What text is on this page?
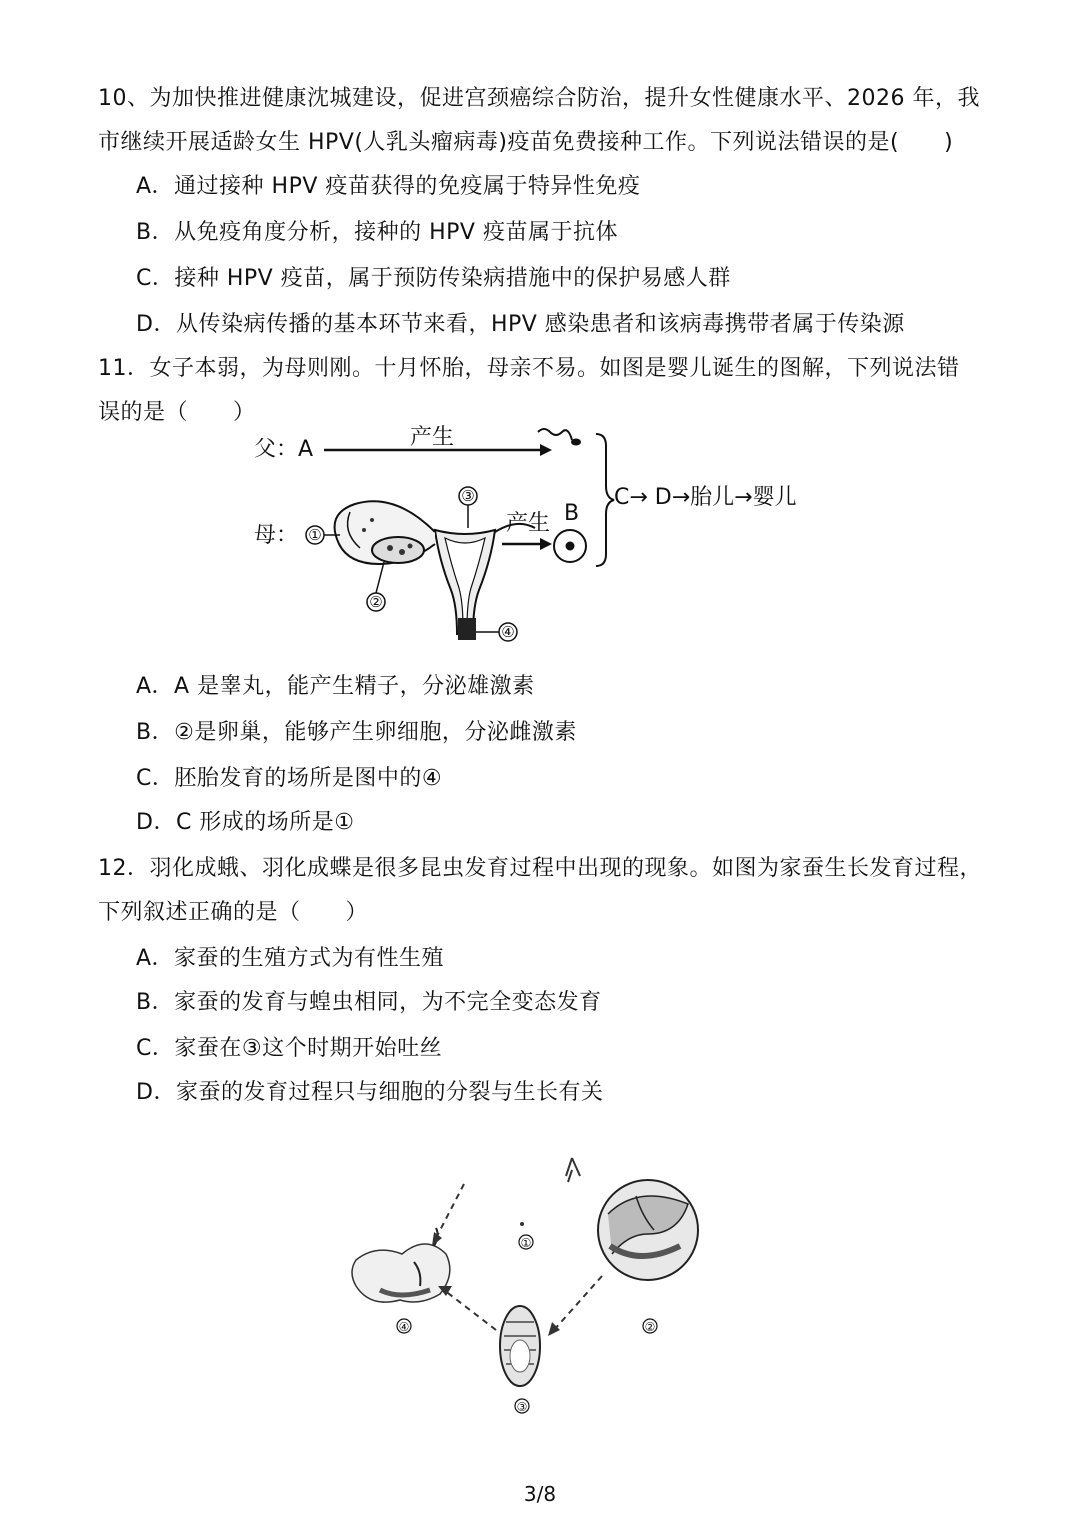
10、为加快推进健康沈城建设，促进宫颈癌综合防治，提升女性健康水平、2026 年，我
市继续开展适龄女生 HPV(人乳头瘤病毒)疫苗免费接种工作。下列说法错误的是(　　)
A．通过接种 HPV 疫苗获得的免疫属于特异性免疫
B．从免疫角度分析，接种的 HPV 疫苗属于抗体
C．接种 HPV 疫苗，属于预防传染病措施中的保护易感人群
D．从传染病传播的基本环节来看，HPV 感染患者和该病毒携带者属于传染源
11．女子本弱，为母则刚。十月怀胎，母亲不易。如图是婴儿诞生的图解，下列说法错
误的是（　　）
父：A	产生
C→ D→胎儿→婴儿
母： ①
②
③
④
产生 B
A．A 是睾丸，能产生精子，分泌雄激素
B．②是卵巢，能够产生卵细胞，分泌雌激素
C．胚胎发育的场所是图中的④
D．C 形成的场所是①
12．羽化成蛾、羽化成蝶是很多昆虫发育过程中出现的现象。如图为家蚕生长发育过程，
下列叙述正确的是（　　）
A．家蚕的生殖方式为有性生殖
B．家蚕的发育与蝗虫相同，为不完全变态发育
C．家蚕在③这个时期开始吐丝
D．家蚕的发育过程只与细胞的分裂与生长有关
①
②
③
④
3/8
